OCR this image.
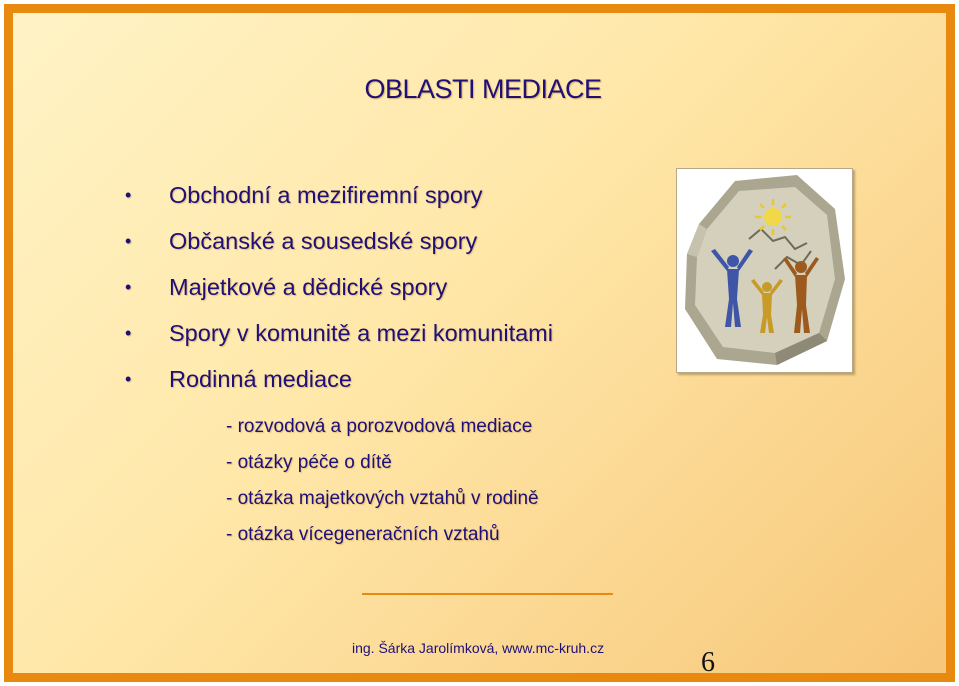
OBLASTI MEDIACE
• Obchodní a mezifiremní spory
• Občanské a sousedské spory
• Majetkové a dědické spory
• Spory v komunitě a mezi komunitami
• Rodinná mediace
- rozvodová a porozvodová mediace
- otázky péče o dítě
- otázka majetkových vztahů v rodině
- otázka vícegeneračních vztahů
ing. Šárka Jarolímková, www.mc-kruh.cz	6
